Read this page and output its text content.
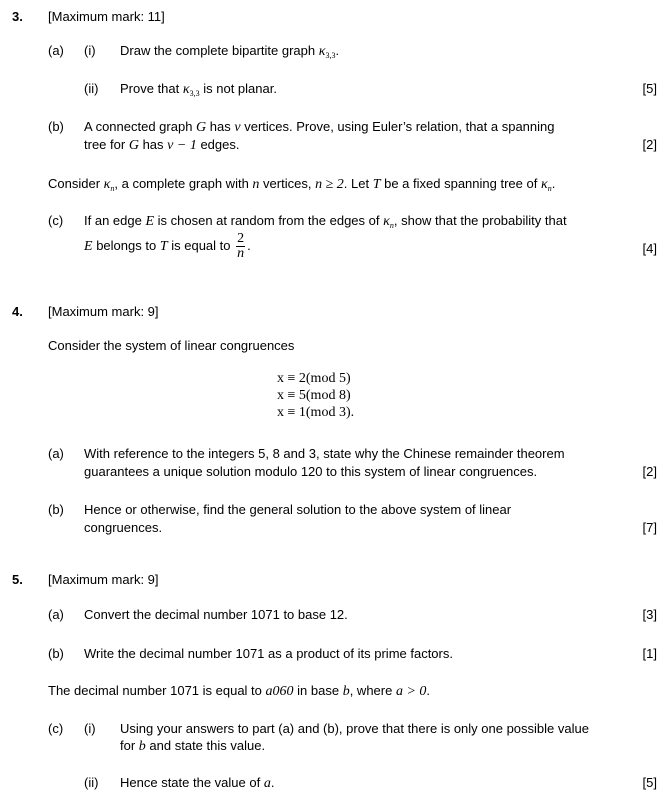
3. [Maximum mark: 11]
(a) (i) Draw the complete bipartite graph $\kappa_{3,3}$.
(ii) Prove that $\kappa_{3,3}$ is not planar.	[5]
(b) A connected graph G has v vertices. Prove, using Euler’s relation, that a spanning
tree for G has v − 1 edges.	[2]
Consider $\kappa_n$, a complete graph with n vertices, n ≥ 2. Let T be a fixed spanning tree of $\kappa_n$.
(c) If an edge E is chosen at random from the edges of $\kappa_n$, show that the probability that
E belongs to T is equal to $\frac{2}{n}$ .	[4]
4. [Maximum mark: 9]
Consider the system of linear congruences
x ≡ 2(mod 5)
x ≡ 5(mod 8)
x ≡ 1(mod 3).
(a) With reference to the integers 5, 8 and 3, state why the Chinese remainder theorem
guarantees a unique solution modulo 120 to this system of linear congruences.	[2]
(b) Hence or otherwise, find the general solution to the above system of linear
congruences.	[7]
5. [Maximum mark: 9]
(a) Convert the decimal number 1071 to base 12.	[3]
(b) Write the decimal number 1071 as a product of its prime factors.	[1]
The decimal number 1071 is equal to a060 in base b, where a > 0.
(c) (i) Using your answers to part (a) and (b), prove that there is only one possible value
for b and state this value.
(ii) Hence state the value of a.	[5]
